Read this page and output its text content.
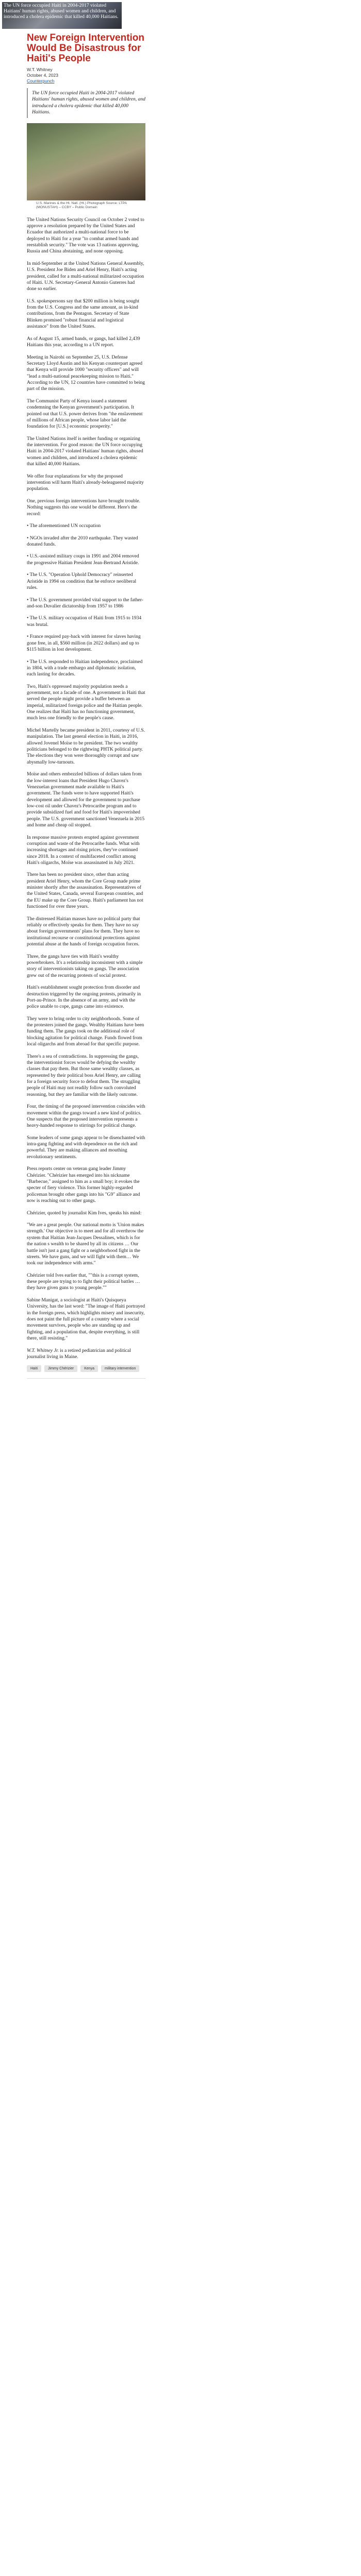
The UN force occupied Haiti in 2004-2017 violated Haitians' human rights, abused women and children, and introduced a cholera epidemic that killed 40,000 Haitians.
New Foreign Intervention Would Be Disastrous for Haiti's People
W.T. Whitney
October 4, 2023
Counterpunch
The UN force occupied Haiti in 2004-2017 violated Haitians' human rights, abused women and children, and introduced a cholera epidemic that killed 40,000 Haitians.
U.S. Marines & the Ht. Natl. (Ht.) Photograph Source: LTPA (MONUSTAH) – CCBY – Public Domain

The United Nations Security Council on October 2 voted to approve a resolution prepared by the United States and Ecuador that authorized a multi-national force to be deployed to Haiti for a year "to combat armed bands and reestablish security." The vote was 13 nations approving, Russia and China abstaining, and none opposing.

In mid-September at the United Nations General Assembly, U.S. President Joe Biden and Ariel Henry, Haiti's acting president, called for a multi-national militarized occupation of Haiti. U.N. Secretary-General Antonio Guterres had done so earlier.

U.S. spokespersons say that $200 million is being sought from the U.S. Congress and the same amount, as in-kind contributions, from the Pentagon. Secretary of State Blinken promised "robust financial and logistical assistance" from the United States.

As of August 15, armed bands, or gangs, had killed 2,439 Haitians this year, according to a UN report.

Meeting in Nairobi on September 25, U.S. Defense Secretary Lloyd Austin and his Kenyan counterpart agreed that Kenya will provide 1000 "security officers" and will "lead a multi-national peacekeeping mission to Haiti." According to the UN, 12 countries have committed to being part of the mission.

The Communist Party of Kenya issued a statement condemning the Kenyan government's participation. It pointed out that U.S. power derives from "the enslavement of millions of African people, whose labor laid the foundation for [U.S.] economic prosperity."

The United Nations itself is neither funding or organizing the intervention. For good reason: the UN force occupying Haiti in 2004-2017 violated Haitians' human rights, abused women and children, and introduced a cholera epidemic that killed 40,000 Haitians.

We offer four explanations for why the proposed intervention will harm Haiti's already-beleaguered majority population.

One, previous foreign interventions have brought trouble. Nothing suggests this one would be different. Here's the record:

• The aforementioned UN occupation

• NGOs invaded after the 2010 earthquake. They wasted donated funds.

• U.S.-assisted military coups in 1991 and 2004 removed the progressive Haitian President Jean-Bertrand Aristide.

• The U.S. "Operation Uphold Democracy" reinserted Aristide in 1994 on condition that he enforce neoliberal rules.

• The U.S. government provided vital support to the father-and-son Duvalier dictatorship from 1957 to 1986

• The U.S. military occupation of Haiti from 1915 to 1934 was brutal.

• France required pay-back with interest for slaves having gone free, in all, $560 million (in 2022 dollars) and up to $115 billion in lost development.

• The U.S. responded to Haitian independence, proclaimed in 1804, with a trade embargo and diplomatic isolation, each lasting for decades.

Two, Haiti's oppressed majority population needs a government, not a facade of one. A government in Haiti that served the people might provide a buffer between an imperial, militarized foreign police and the Haitian people. One realizes that Haiti has no functioning government, much less one friendly to the people's cause.

Michel Martelly became president in 2011, courtesy of U.S. manipulation. The last general election in Haiti, in 2016, allowed Jovenel Moïse to be president. The two wealthy politicians belonged to the rightwing PHTK political party. The elections they won were thoroughly corrupt and saw abysmally low-turnouts.

Moïse and others embezzled billions of dollars taken from the low-interest loans that President Hugo Chavez's Venezuelan government made available to Haiti's government. The funds were to have supported Haiti's development and allowed for the government to purchase low-cost oil under Chavez's Petrocaribe program and to provide subsidized fuel and food for Haiti's impoverished people. The U.S. government sanctioned Venezuela in 2015 and home and cheap oil stopped.

In response massive protests erupted against government corruption and waste of the Petrocaribe funds. What with increasing shortages and rising prices, they've continued since 2018. In a context of multifaceted conflict among Haiti's oligarchs, Moïse was assassinated in July 2021.

There has been no president since, other than acting president Ariel Henry, whom the Core Group made prime minister shortly after the assassination. Representatives of the United States, Canada, several European countries, and the EU make up the Core Group. Haiti's parliament has not functioned for over three years.

The distressed Haitian masses have no political party that reliably or effectively speaks for them. They have no say about foreign governments' plans for them. They have no institutional recourse or constitutional protections against potential abuse at the hands of foreign occupation forces.

Three, the gangs have ties with Haiti's wealthy powerbrokers. It's a relationship inconsistent with a simple story of interventionists taking on gangs. The association grew out of the recurring protests of social protest.

Haiti's establishment sought protection from disorder and destruction triggered by the ongoing protests, primarily in Port-au-Prince. In the absence of an army, and with the police unable to cope, gangs came into existence.

They were to bring order to city neighborhoods. Some of the protesters joined the gangs. Wealthy Haitians have been funding them. The gangs took on the additional role of blocking agitation for political change. Funds flowed from local oligarchs and from abroad for that specific purpose.

There's a sea of contradictions. In suppressing the gangs, the interventionist forces would be defying the wealthy classes that pay them. But those same wealthy classes, as represented by their political boss Ariel Henry, are calling for a foreign security force to defeat them. The struggling people of Haiti may not readily follow such convoluted reasoning, but they are familiar with the likely outcome.

Four, the timing of the proposed intervention coincides with movement within the gangs toward a new kind of politics. One suspects that the proposed intervention represents a heavy-handed response to stirrings for political change.

Some leaders of some gangs appear to be disenchanted with intra-gang fighting and with dependence on the rich and powerful. They are making alliances and mouthing revolutionary sentiments.

Press reports center on veteran gang leader Jimmy Chérizier. "Chérizier has emerged into his nickname "Barbecue," assigned to him as a small boy; it evokes the specter of fiery violence. This former highly-regarded policeman brought other gangs into his "G9" alliance and now is reaching out to other gangs.

Chérizier, quoted by journalist Kim Ives, speaks his mind:

"We are a great people. Our national motto is 'Union makes strength.' Our objective is to meet and for all overthrow the system that Haitian Jean-Jacques Dessalines, which is for the nation s wealth to be shared by all its citizens … Our battle isn't just a gang fight or a neighborhood fight in the streets. We have guns, and we will fight with them… We took our independence with arms."

Chérizier told Ives earlier that, ""this is a corrupt system, these people are trying to to fight their political battles … they have given guns to young people.""

Sabine Manigat, a sociologist at Haiti's Quisqueya University, has the last word: "The image of Haiti portrayed in the foreign press, which highlights misery and insecurity, does not paint the full picture of a country where a social movement survives, people who are standing up and fighting, and a population that, despite everything, is still there, still resisting."

W.T. Whitney Jr. is a retired pediatrician and political journalist living in Maine.

Haiti	Jimmy Chérizier	Kenya	military intervention
